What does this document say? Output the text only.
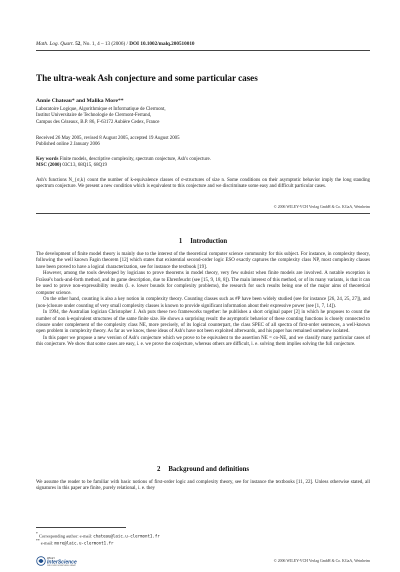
Math. Log. Quart. 52, No. 1, 4 – 13 (2006) / DOI 10.1002/malq.200510010
The ultra-weak Ash conjecture and some particular cases
Annie Chateau* and Malika More**
Laboratoire Logique, Algorithmique et Informatique de Clermont,
Institut Universitaire de Technologie de Clermont-Ferrand,
Campus des Cézeaux, B.P. 86, F-63172 Aubière Cedex, France
Received 26 May 2005, revised 8 August 2005, accepted 19 August 2005
Published online 2 January 2006
Key words Finite models, descriptive complexity, spectrum conjecture, Ash's conjecture.
MSC (2000) 03C13, 68Q15, 68Q19
Ash's functions N_{σ,k} count the number of k-equivalence classes of σ-structures of size n. Some conditions on their asymptotic behavior imply the long standing spectrum conjecture. We present a new condition which is equivalent to this conjecture and we discriminate some easy and difficult particular cases.
© 2006 WILEY-VCH Verlag GmbH & Co. KGaA, Weinheim
1 Introduction

The development of finite model theory is mainly due to the interest of the theoretical computer science community for this subject. For instance, in complexity theory, following the well known Fagin theorem [12] which states that existential second-order logic ESO exactly captures the complexity class NP, most complexity classes have been proved to have a logical characterization, see for instance the textbook [19].

However, among the tools developed by logicians to prove theorems in model theory, very few subsist when finite models are involved. A notable exception is Fraïssé's back-and-forth method, and its game description, due to Ehrenfeucht (see [15, 9, 18, 8]). The main interest of this method, or of its many variants, is that it can be used to prove non-expressibility results (i. e. lower bounds for complexity problems), the research for such results being one of the major aims of theoretical computer science.

On the other hand, counting is also a key notion in complexity theory. Counting classes such as #P have been widely studied (see for instance [26, 24, 25, 27]), and (non-)closure under counting of very small complexity classes is known to provide significant information about their expressive power (see [1, 7, 14]).

In 1994, the Australian logician Christopher J. Ash puts these two frameworks together: he publishes a short original paper [2] in which he proposes to count the number of non k-equivalent structures of the same finite size. He shows a surprising result: the asymptotic behavior of these counting functions is closely connected to closure under complement of the complexity class NE, more precisely, of its logical counterpart, the class SPEC of all spectra of first-order sentences, a well-known open problem in complexity theory. As far as we know, these ideas of Ash's have not been exploited afterwards, and his paper has remained somehow isolated.

In this paper we propose a new version of Ash's conjecture which we prove to be equivalent to the assertion NE = co-NE, and we classify many particular cases of this conjecture. We show that some cases are easy, i. e. we prove the conjecture, whereas others are difficult, i. e. solving them implies solving the full conjecture.

2 Background and definitions

We assume the reader to be familiar with basic notions of first-order logic and complexity theory, see for instance the textbooks [11, 22]. Unless otherwise stated, all signatures in this paper are finite, purely relational, i. e. they

* Corresponding author: e-mail: chateau@laic.u-clermont1.fr
** e-mail: more@laic.u-clermont1.fr
WILEY
InterScience
DISCOVER SOMETHING GREAT
© 2006 WILEY-VCH Verlag GmbH & Co. KGaA, Weinheim
